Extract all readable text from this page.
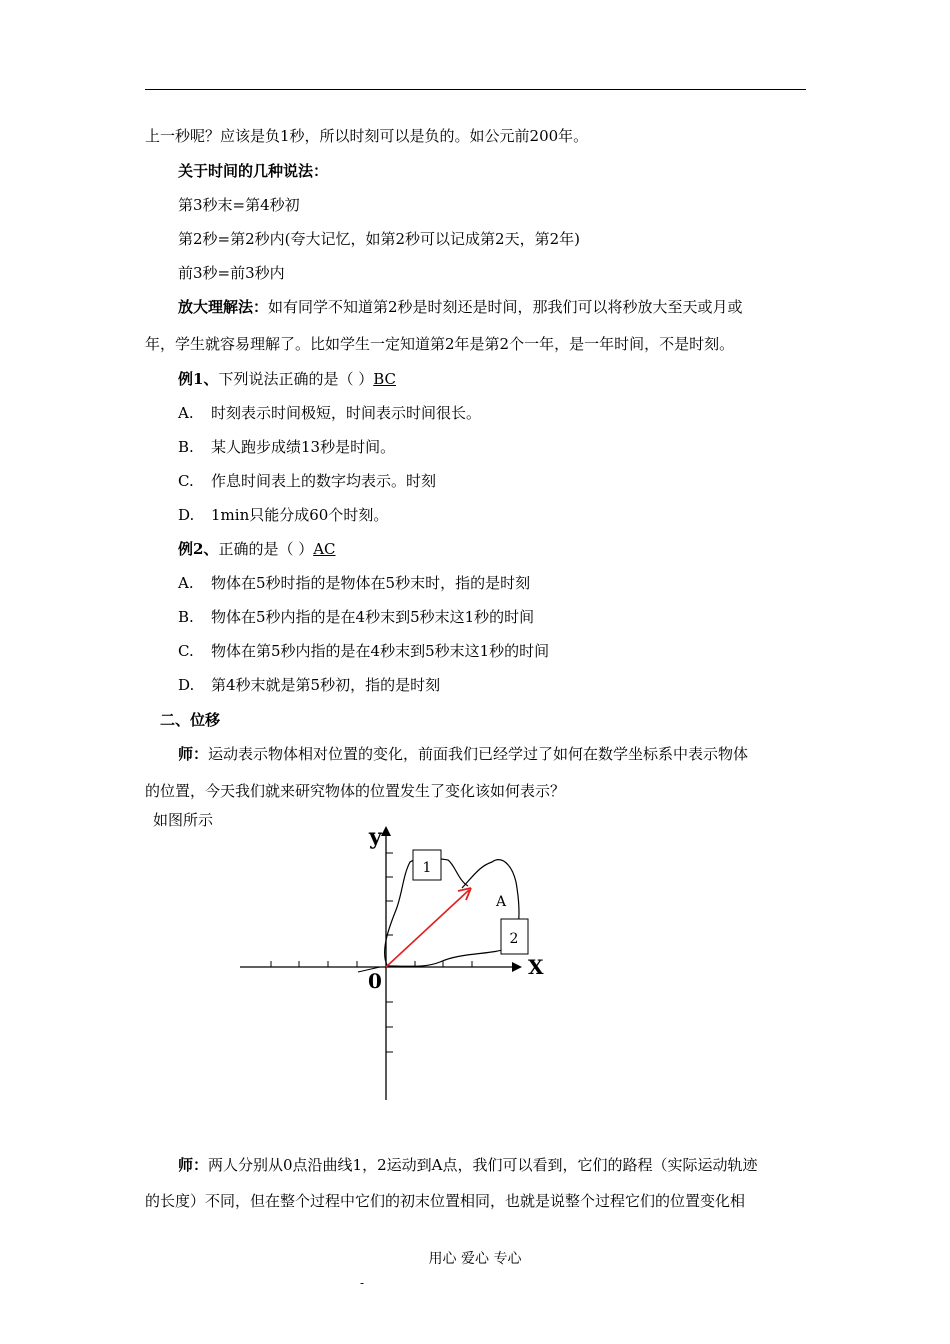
上一秒呢？应该是负1秒，所以时刻可以是负的。如公元前200年。
关于时间的几种说法：
第3秒末=第4秒初
第2秒=第2秒内(夸大记忆，如第2秒可以记成第2天，第2年)
前3秒=前3秒内
放大理解法：如有同学不知道第2秒是时刻还是时间，那我们可以将秒放大至天或月或
年，学生就容易理解了。比如学生一定知道第2年是第2个一年，是一年时间，不是时刻。
例1、下列说法正确的是（ ）BC
A. 时刻表示时间极短，时间表示时间很长。
B. 某人跑步成绩13秒是时间。
C. 作息时间表上的数字均表示。时刻
D. 1min只能分成60个时刻。
例2、正确的是（ ）AC
A. 物体在5秒时指的是物体在5秒末时，指的是时刻
B. 物体在5秒内指的是在4秒末到5秒末这1秒的时间
C. 物体在第5秒内指的是在4秒末到5秒末这1秒的时间
D. 第4秒末就是第5秒初，指的是时刻
二、位移
师：运动表示物体相对位置的变化，前面我们已经学过了如何在数学坐标系中表示物体
的位置，今天我们就来研究物体的位置发生了变化该如何表示？
如图所示
1
2
y
X
0
A
师：两人分别从0点沿曲线1，2运动到A点，我们可以看到，它们的路程（实际运动轨迹
的长度）不同，但在整个过程中它们的初末位置相同，也就是说整个过程它们的位置变化相
用心 爱心 专心
-
